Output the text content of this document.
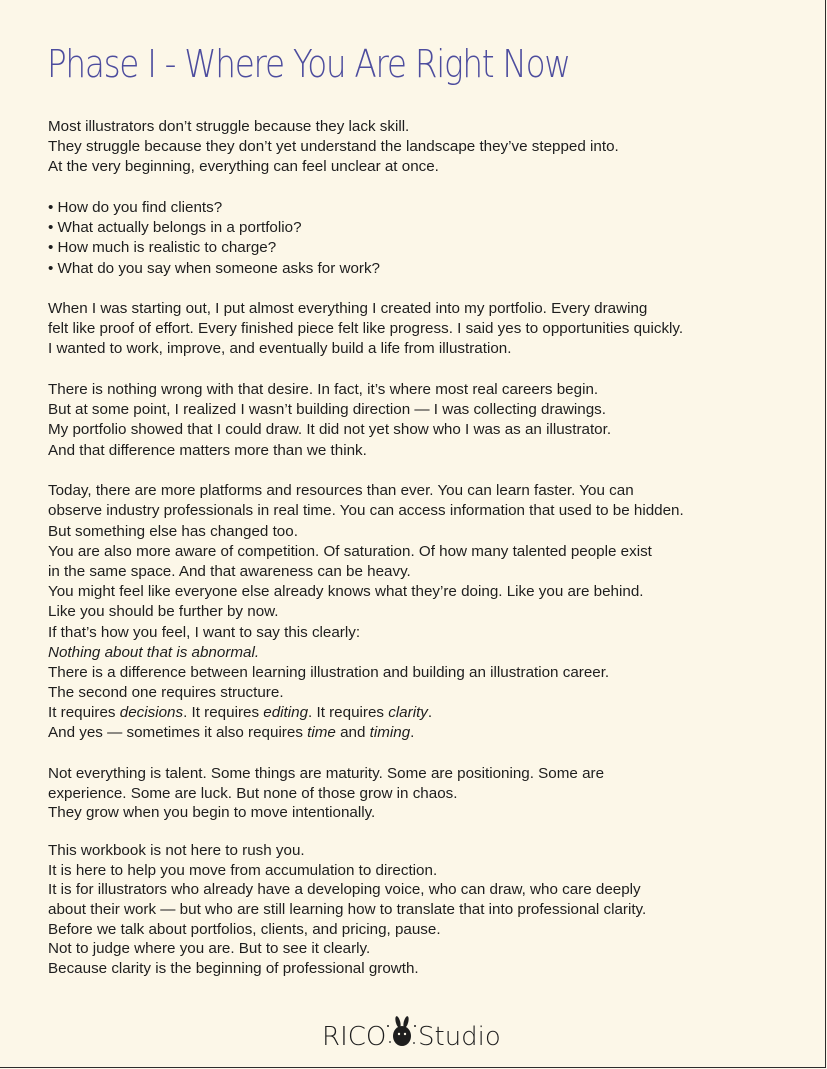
Phase I - Where You Are Right Now
Most illustrators don’t struggle because they lack skill.
They struggle because they don’t yet understand the landscape they’ve stepped into.
At the very beginning, everything can feel unclear at once.
• How do you find clients?
• What actually belongs in a portfolio?
• How much is realistic to charge?
• What do you say when someone asks for work?
When I was starting out, I put almost everything I created into my portfolio. Every drawing
felt like proof of effort. Every finished piece felt like progress. I said yes to opportunities quickly.
I wanted to work, improve, and eventually build a life from illustration.
There is nothing wrong with that desire. In fact, it’s where most real careers begin.
But at some point, I realized I wasn’t building direction — I was collecting drawings.
My portfolio showed that I could draw. It did not yet show who I was as an illustrator.
And that difference matters more than we think.
Today, there are more platforms and resources than ever. You can learn faster. You can
observe industry professionals in real time. You can access information that used to be hidden.
But something else has changed too.
You are also more aware of competition. Of saturation. Of how many talented people exist
in the same space. And that awareness can be heavy.
You might feel like everyone else already knows what they’re doing. Like you are behind.
Like you should be further by now.
If that’s how you feel, I want to say this clearly:
Nothing about that is abnormal.
There is a difference between learning illustration and building an illustration career.
The second one requires structure.
It requires decisions. It requires editing. It requires clarity.
And yes — sometimes it also requires time and timing.
Not everything is talent. Some things are maturity. Some are positioning. Some are
experience. Some are luck. But none of those grow in chaos.
They grow when you begin to move intentionally.
This workbook is not here to rush you.
It is here to help you move from accumulation to direction.
It is for illustrators who already have a developing voice, who can draw, who care deeply
about their work — but who are still learning how to translate that into professional clarity.
Before we talk about portfolios, clients, and pricing, pause.
Not to judge where you are. But to see it clearly.
Because clarity is the beginning of professional growth.
RICO Studio
